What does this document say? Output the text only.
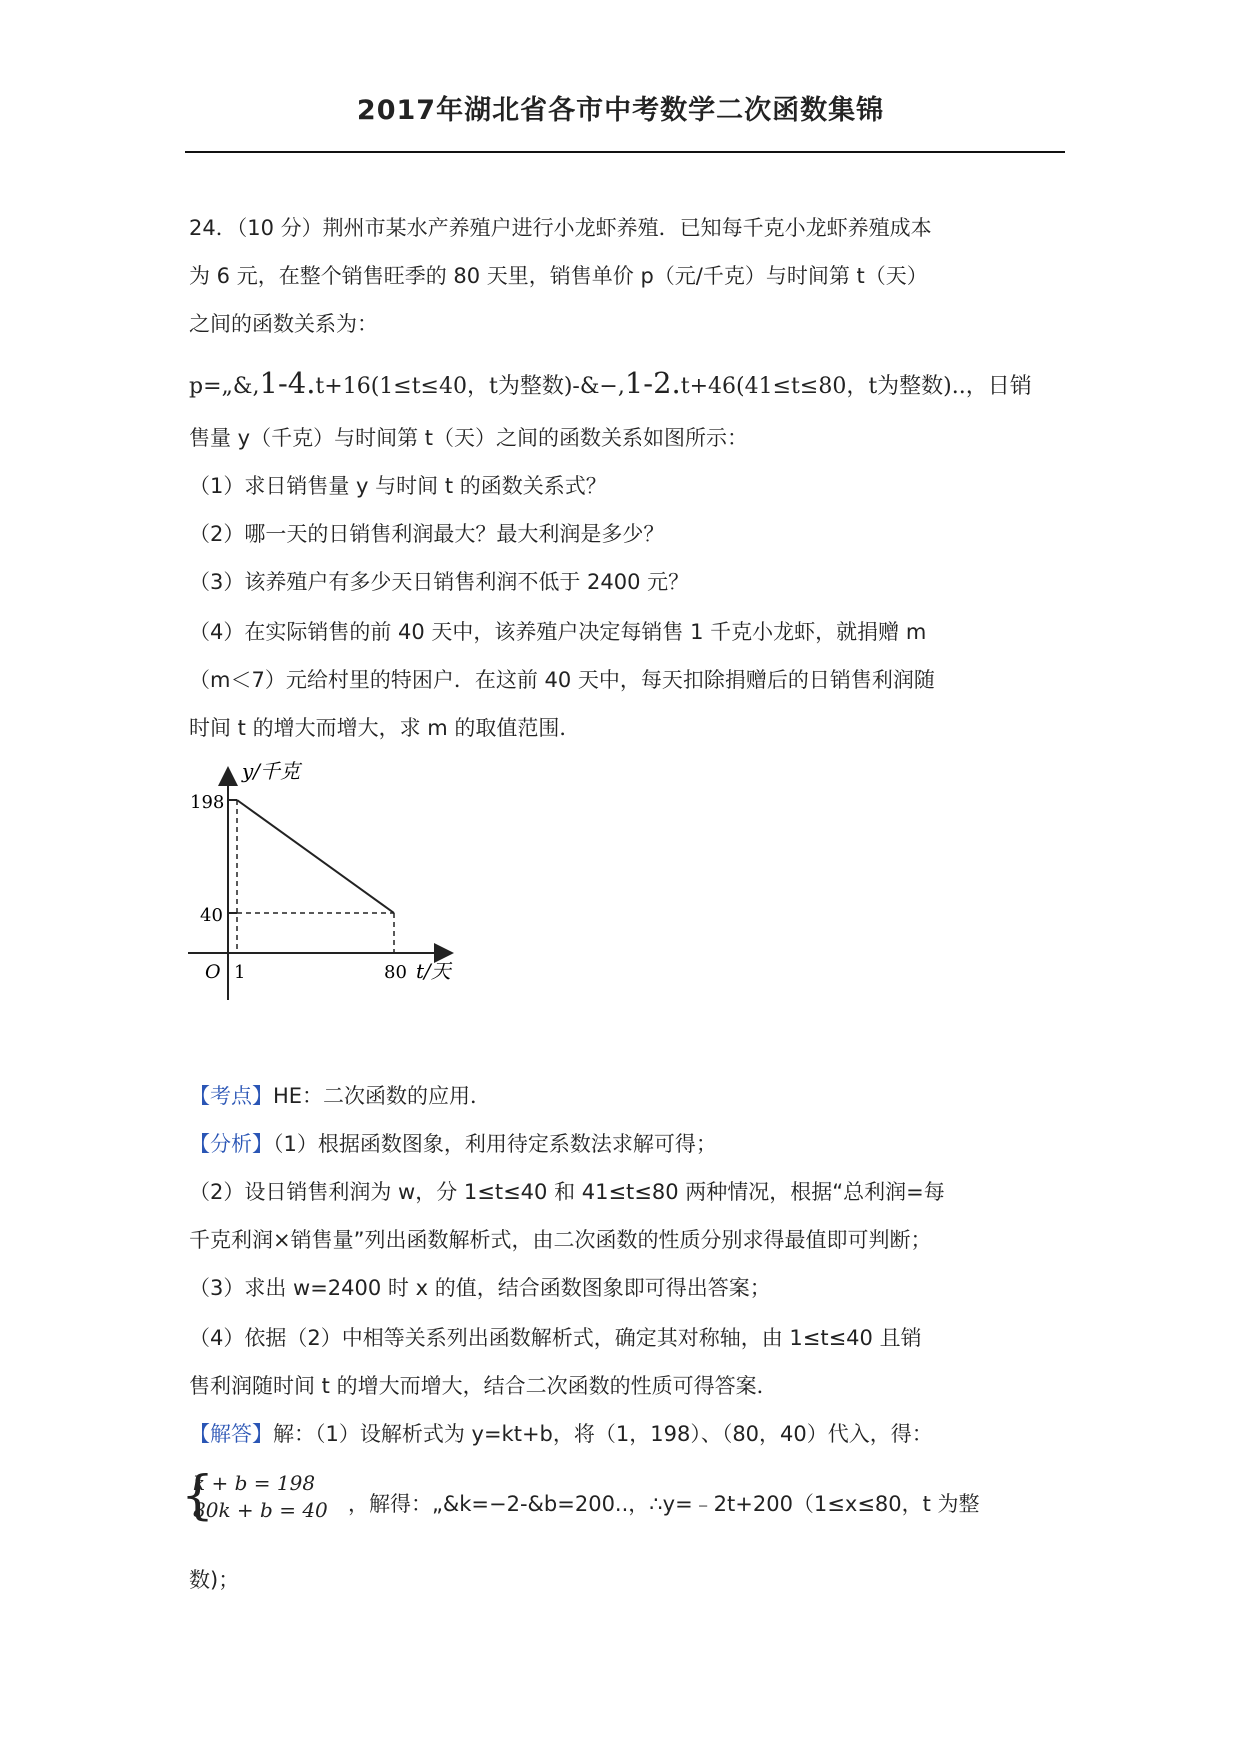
2017年湖北省各市中考数学二次函数集锦
24．（10 分）荆州市某水产养殖户进行小龙虾养殖．已知每千克小龙虾养殖成本
为 6 元，在整个销售旺季的 80 天里，销售单价 p（元/千克）与时间第 t（天）
之间的函数关系为：
p=„&,1-4.t+16(1≤t≤40，t为整数)-&−,1-2.t+46(41≤t≤80，t为整数)..，日销
售量 y（千克）与时间第 t（天）之间的函数关系如图所示：
（1）求日销售量 y 与时间 t 的函数关系式？
（2）哪一天的日销售利润最大？最大利润是多少？
（3）该养殖户有多少天日销售利润不低于 2400 元？
（4）在实际销售的前 40 天中，该养殖户决定每销售 1 千克小龙虾，就捐赠 m
（m＜7）元给村里的特困户．在这前 40 天中，每天扣除捐赠后的日销售利润随
时间 t 的增大而增大，求 m 的取值范围．
y/千克
198
40
O 1	80 t/天
【考点】HE：二次函数的应用．
【分析】（1）根据函数图象，利用待定系数法求解可得；
（2）设日销售利润为 w，分 1≤t≤40 和 41≤t≤80 两种情况，根据“总利润=每
千克利润×销售量”列出函数解析式，由二次函数的性质分别求得最值即可判断；
（3）求出 w=2400 时 x 的值，结合函数图象即可得出答案；
（4）依据（2）中相等关系列出函数解析式，确定其对称轴，由 1≤t≤40 且销
售利润随时间 t 的增大而增大，结合二次函数的性质可得答案．
【解答】解：（1）设解析式为 y=kt+b，将（1，198）、（80，40）代入，得：
{
k + b = 198
80k + b = 40 ，解得：„&k=−2-&b=200..，∴y=﹣2t+200（1≤x≤80，t 为整
数)；
